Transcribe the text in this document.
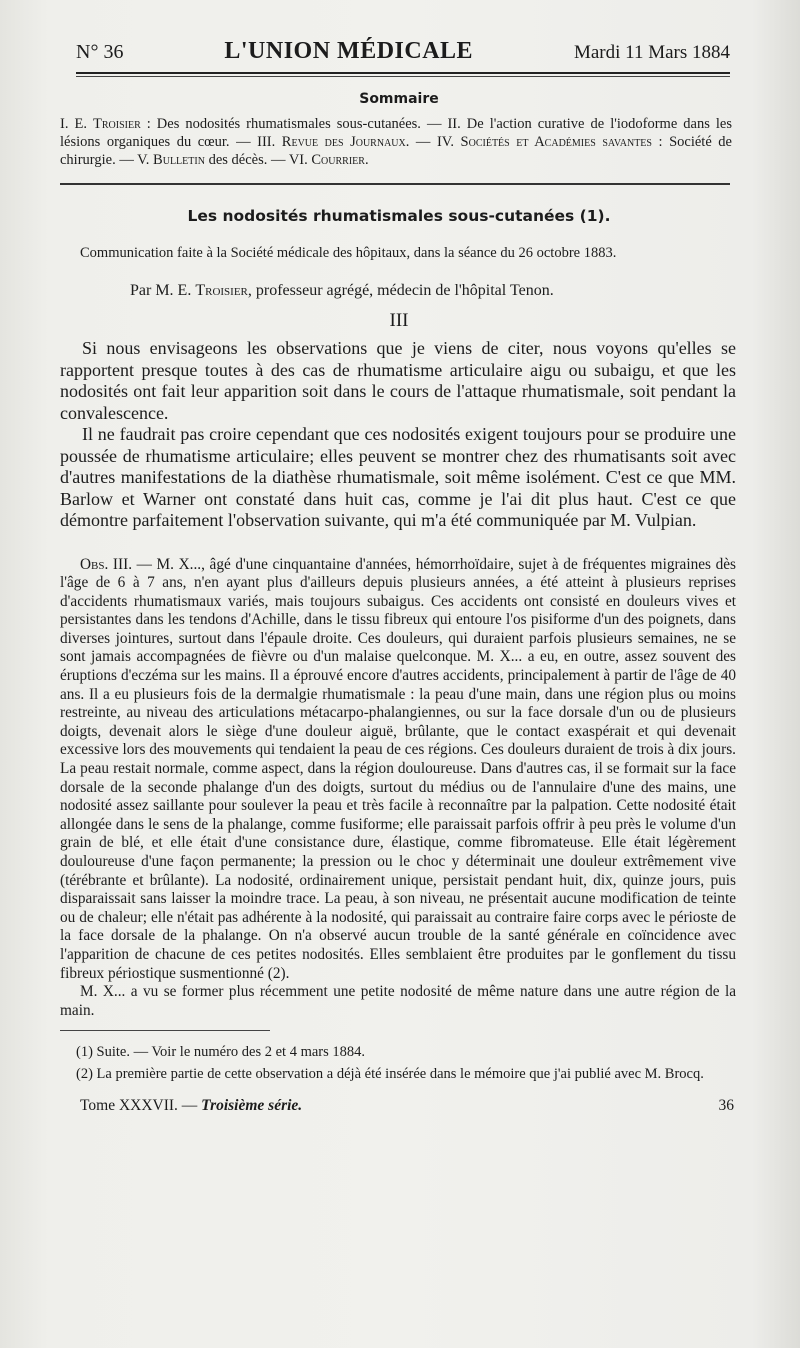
N° 36	L'UNION MÉDICALE	Mardi 11 Mars 1884
Sommaire
I. E. Troisier : Des nodosités rhumatismales sous-cutanées. — II. De l'action curative de l'iodoforme dans les lésions organiques du cœur. — III. Revue des Journaux. — IV. Sociétés et Académies savantes : Société de chirurgie. — V. Bulletin des décès. — VI. Courrier.
Les nodosités rhumatismales sous-cutanées (1).
Communication faite à la Société médicale des hôpitaux, dans la séance du 26 octobre 1883.
Par M. E. Troisier, professeur agrégé, médecin de l'hôpital Tenon.
III

Si nous envisageons les observations que je viens de citer, nous voyons qu'elles se rapportent presque toutes à des cas de rhumatisme articulaire aigu ou subaigu, et que les nodosités ont fait leur apparition soit dans le cours de l'attaque rhumatismale, soit pendant la convalescence.

Il ne faudrait pas croire cependant que ces nodosités exigent toujours pour se produire une poussée de rhumatisme articulaire; elles peuvent se montrer chez des rhumatisants soit avec d'autres manifestations de la diathèse rhumatismale, soit même isolément. C'est ce que MM. Barlow et Warner ont constaté dans huit cas, comme je l'ai dit plus haut. C'est ce que démontre parfaitement l'observation suivante, qui m'a été communiquée par M. Vulpian.

Obs. III. — M. X..., âgé d'une cinquantaine d'années, hémorrhoïdaire, sujet à de fréquentes migraines dès l'âge de 6 à 7 ans, n'en ayant plus d'ailleurs depuis plusieurs années, a été atteint à plusieurs reprises d'accidents rhumatismaux variés, mais toujours subaigus. Ces accidents ont consisté en douleurs vives et persistantes dans les tendons d'Achille, dans le tissu fibreux qui entoure l'os pisiforme d'un des poignets, dans diverses jointures, surtout dans l'épaule droite. Ces douleurs, qui duraient parfois plusieurs semaines, ne se sont jamais accompagnées de fièvre ou d'un malaise quelconque. M. X... a eu, en outre, assez souvent des éruptions d'eczéma sur les mains. Il a éprouvé encore d'autres accidents, principalement à partir de l'âge de 40 ans. Il a eu plusieurs fois de la dermalgie rhumatismale : la peau d'une main, dans une région plus ou moins restreinte, au niveau des articulations métacarpo-phalangiennes, ou sur la face dorsale d'un ou de plusieurs doigts, devenait alors le siège d'une douleur aiguë, brûlante, que le contact exaspérait et qui devenait excessive lors des mouvements qui tendaient la peau de ces régions. Ces douleurs duraient de trois à dix jours. La peau restait normale, comme aspect, dans la région douloureuse. Dans d'autres cas, il se formait sur la face dorsale de la seconde phalange d'un des doigts, surtout du médius ou de l'annulaire d'une des mains, une nodosité assez saillante pour soulever la peau et très facile à reconnaître par la palpation. Cette nodosité était allongée dans le sens de la phalange, comme fusiforme; elle paraissait parfois offrir à peu près le volume d'un grain de blé, et elle était d'une consistance dure, élastique, comme fibromateuse. Elle était légèrement douloureuse d'une façon permanente; la pression ou le choc y déterminait une douleur extrêmement vive (térébrante et brûlante). La nodosité, ordinairement unique, persistait pendant huit, dix, quinze jours, puis disparaissait sans laisser la moindre trace. La peau, à son niveau, ne présentait aucune modification de teinte ou de chaleur; elle n'était pas adhérente à la nodosité, qui paraissait au contraire faire corps avec le périoste de la face dorsale de la phalange. On n'a observé aucun trouble de la santé générale en coïncidence avec l'apparition de chacune de ces petites nodosités. Elles semblaient être produites par le gonflement du tissu fibreux périostique susmentionné (2).

M. X... a vu se former plus récemment une petite nodosité de même nature dans une autre région de la main.

(1) Suite. — Voir le numéro des 2 et 4 mars 1884.

(2) La première partie de cette observation a déjà été insérée dans le mémoire que j'ai publié avec M. Brocq.

Tome XXXVII. — Troisième série.	36
